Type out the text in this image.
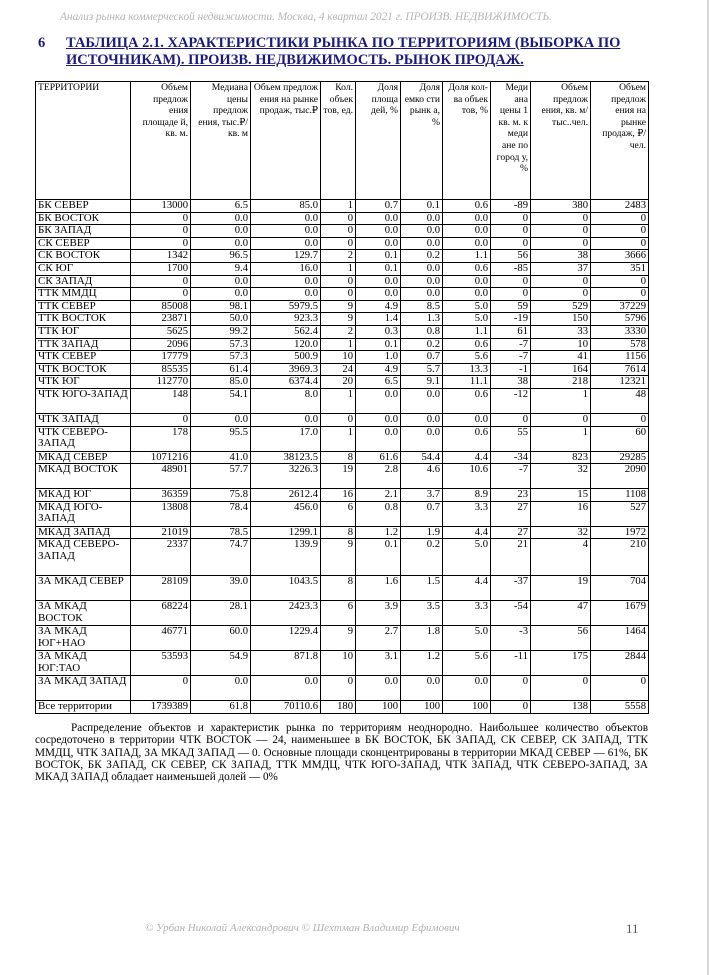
Анализ рынка коммерческой недвижимости. Москва, 4 квартал 2021 г. ПРОИЗВ. НЕДВИЖИМОСТЬ.
6 ТАБЛИЦА 2.1. ХАРАКТЕРИСТИКИ РЫНКА ПО ТЕРРИТОРИЯМ (ВЫБОРКА ПО ИСТОЧНИКАМ). ПРОИЗВ. НЕДВИЖИМОСТЬ. РЫНОК ПРОДАЖ.
ТЕРРИТОРИИ	Объем предлож ения площаде й, кв. м.	Медиана цены предлож ения, тыс.₽/ кв. м	Объем предлож ения на рынке продаж, тыс.₽	Кол. объек тов, ед.	Доля площа дей, %	Доля емко сти рынк а, %	Доля кол-ва объек тов, %	Меди ана цены 1 кв. м. к меди ане по город у, %	Объем предлож ения, кв. м/ тыс..чел.	Объем предлож ения на рынке продаж, ₽/чел.
БК СЕВЕР	13000	6.5	85.0	1	0.7	0.1	0.6	-89	380	2483
БК ВОСТОК	0	0.0	0.0	0	0.0	0.0	0.0	0	0	0
БК ЗАПАД	0	0.0	0.0	0	0.0	0.0	0.0	0	0	0
СК СЕВЕР	0	0.0	0.0	0	0.0	0.0	0.0	0	0	0
СК ВОСТОК	1342	96.5	129.7	2	0.1	0.2	1.1	56	38	3666
СК ЮГ	1700	9.4	16.0	1	0.1	0.0	0.6	-85	37	351
СК ЗАПАД	0	0.0	0.0	0	0.0	0.0	0.0	0	0	0
ТТК ММДЦ	0	0.0	0.0	0	0.0	0.0	0.0	0	0	0
ТТК СЕВЕР	85008	98.1	5979.5	9	4.9	8.5	5.0	59	529	37229
ТТК ВОСТОК	23871	50.0	923.3	9	1.4	1.3	5.0	-19	150	5796
ТТК ЮГ	5625	99.2	562.4	2	0.3	0.8	1.1	61	33	3330
ТТК ЗАПАД	2096	57.3	120.0	1	0.1	0.2	0.6	-7	10	578
ЧТК СЕВЕР	17779	57.3	500.9	10	1.0	0.7	5.6	-7	41	1156
ЧТК ВОСТОК	85535	61.4	3969.3	24	4.9	5.7	13.3	-1	164	7614
ЧТК ЮГ	112770	85.0	6374.4	20	6.5	9.1	11.1	38	218	12321
ЧТК ЮГО-ЗАПАД	148	54.1	8.0	1	0.0	0.0	0.6	-12	1	48
ЧТК ЗАПАД	0	0.0	0.0	0	0.0	0.0	0.0	0	0	0
ЧТК СЕВЕРО-ЗАПАД	178	95.5	17.0	1	0.0	0.0	0.6	55	1	60
МКАД СЕВЕР	1071216	41.0	38123.5	8	61.6	54.4	4.4	-34	823	29285
МКАД ВОСТОК	48901	57.7	3226.3	19	2.8	4.6	10.6	-7	32	2090
МКАД ЮГ	36359	75.8	2612.4	16	2.1	3.7	8.9	23	15	1108
МКАД ЮГО-ЗАПАД	13808	78.4	456.0	6	0.8	0.7	3.3	27	16	527
МКАД ЗАПАД	21019	78.5	1299.1	8	1.2	1.9	4.4	27	32	1972
МКАД СЕВЕРО-ЗАПАД	2337	74.7	139.9	9	0.1	0.2	5.0	21	4	210
ЗА МКАД СЕВЕР	28109	39.0	1043.5	8	1.6	1.5	4.4	-37	19	704
ЗА МКАД ВОСТОК	68224	28.1	2423.3	6	3.9	3.5	3.3	-54	47	1679
ЗА МКАД ЮГ+НАО	46771	60.0	1229.4	9	2.7	1.8	5.0	-3	56	1464
ЗА МКАД ЮГ:ТАО	53593	54.9	871.8	10	3.1	1.2	5.6	-11	175	2844
ЗА МКАД ЗАПАД	0	0.0	0.0	0	0.0	0.0	0.0	0	0	0
Все территории	1739389	61.8	70110.6	180	100	100	100	0	138	5558
Распределение объектов и характеристик рынка по территориям неоднородно. Наибольшее количество объектов сосредоточено в территории ЧТК ВОСТОК — 24, наименьшее в БК ВОСТОК, БК ЗАПАД, СК СЕВЕР, СК ЗАПАД, ТТК ММДЦ, ЧТК ЗАПАД, ЗА МКАД ЗАПАД — 0. Основные площади сконцентрированы в территории МКАД СЕВЕР — 61%, БК ВОСТОК, БК ЗАПАД, СК СЕВЕР, СК ЗАПАД, ТТК ММДЦ, ЧТК ЮГО-ЗАПАД, ЧТК ЗАПАД, ЧТК СЕВЕРО-ЗАПАД, ЗА МКАД ЗАПАД обладает наименьшей долей — 0%
© Урбан Николай Александрович © Шехтман Владимир Ефимович	11
